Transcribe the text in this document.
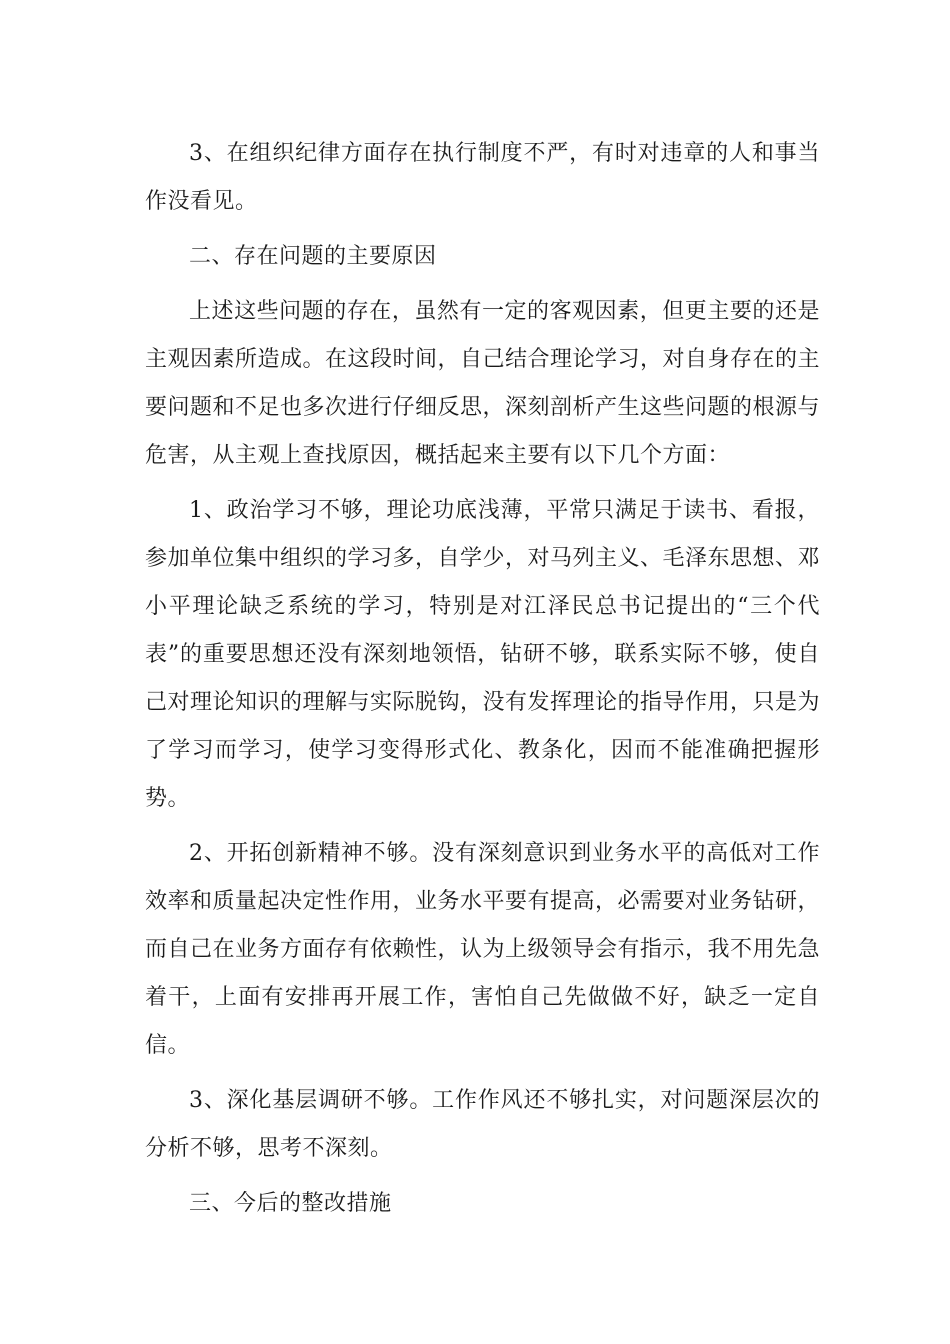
3、在组织纪律方面存在执行制度不严，有时对违章的人和事当作没看见。

二、存在问题的主要原因

上述这些问题的存在，虽然有一定的客观因素，但更主要的还是主观因素所造成。在这段时间，自己结合理论学习，对自身存在的主要问题和不足也多次进行仔细反思，深刻剖析产生这些问题的根源与危害，从主观上查找原因，概括起来主要有以下几个方面：

1、政治学习不够，理论功底浅薄，平常只满足于读书、看报，参加单位集中组织的学习多，自学少，对马列主义、毛泽东思想、邓小平理论缺乏系统的学习，特别是对江泽民总书记提出的“三个代表”的重要思想还没有深刻地领悟，钻研不够，联系实际不够，使自己对理论知识的理解与实际脱钩，没有发挥理论的指导作用，只是为了学习而学习，使学习变得形式化、教条化，因而不能准确把握形势。

2、开拓创新精神不够。没有深刻意识到业务水平的高低对工作效率和质量起决定性作用，业务水平要有提高，必需要对业务钻研，而自己在业务方面存有依赖性，认为上级领导会有指示，我不用先急着干，上面有安排再开展工作，害怕自己先做做不好，缺乏一定自信。

3、深化基层调研不够。工作作风还不够扎实，对问题深层次的分析不够，思考不深刻。

三、今后的整改措施
